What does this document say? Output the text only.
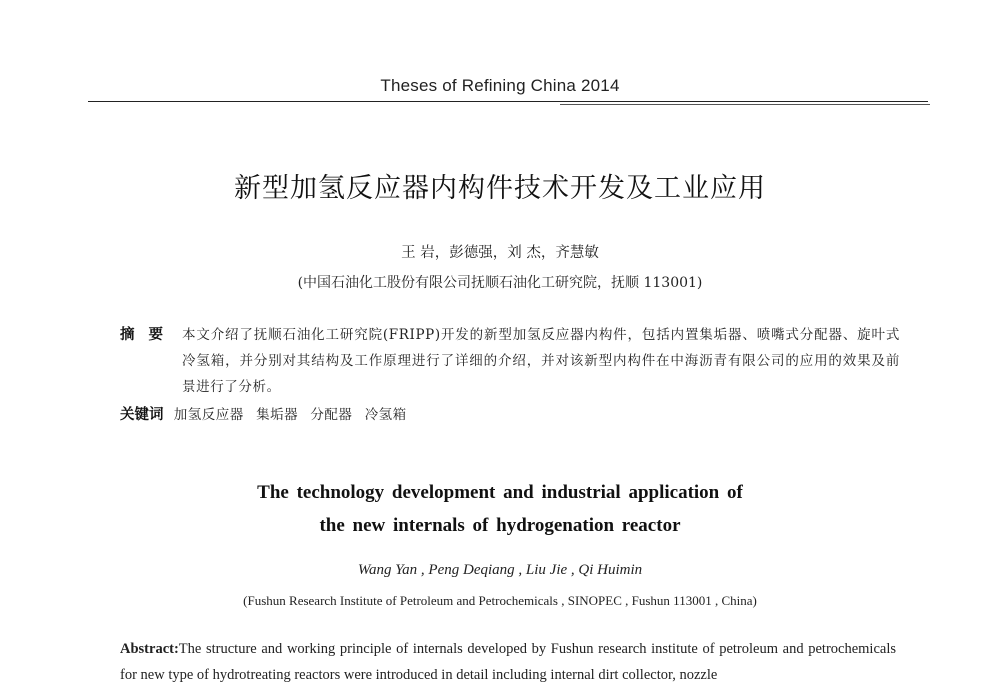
Theses of Refining China 2014
新型加氢反应器内构件技术开发及工业应用
王 岩，彭德强，刘 杰，齐慧敏
(中国石油化工股份有限公司抚顺石油化工研究院，抚顺 113001)
摘要 本文介绍了抚顺石油化工研究院(FRIPP)开发的新型加氢反应器内构件，包括内置集垢器、喷嘴式分配器、旋叶式冷氢箱，并分别对其结构及工作原理进行了详细的介绍，并对该新型内构件在中海沥青有限公司的应用的效果及前景进行了分析。
关键词 加氢反应器 集垢器 分配器 冷氢箱
The technology development and industrial application of
the new internals of hydrogenation reactor
Wang Yan , Peng Deqiang , Liu Jie , Qi Huimin
(Fushun Research Institute of Petroleum and Petrochemicals , SINOPEC , Fushun 113001 , China)
Abstract:The structure and working principle of internals developed by Fushun research institute of petroleum and petrochemicals for new type of hydrotreating reactors were introduced in detail including internal dirt collector, nozzle
